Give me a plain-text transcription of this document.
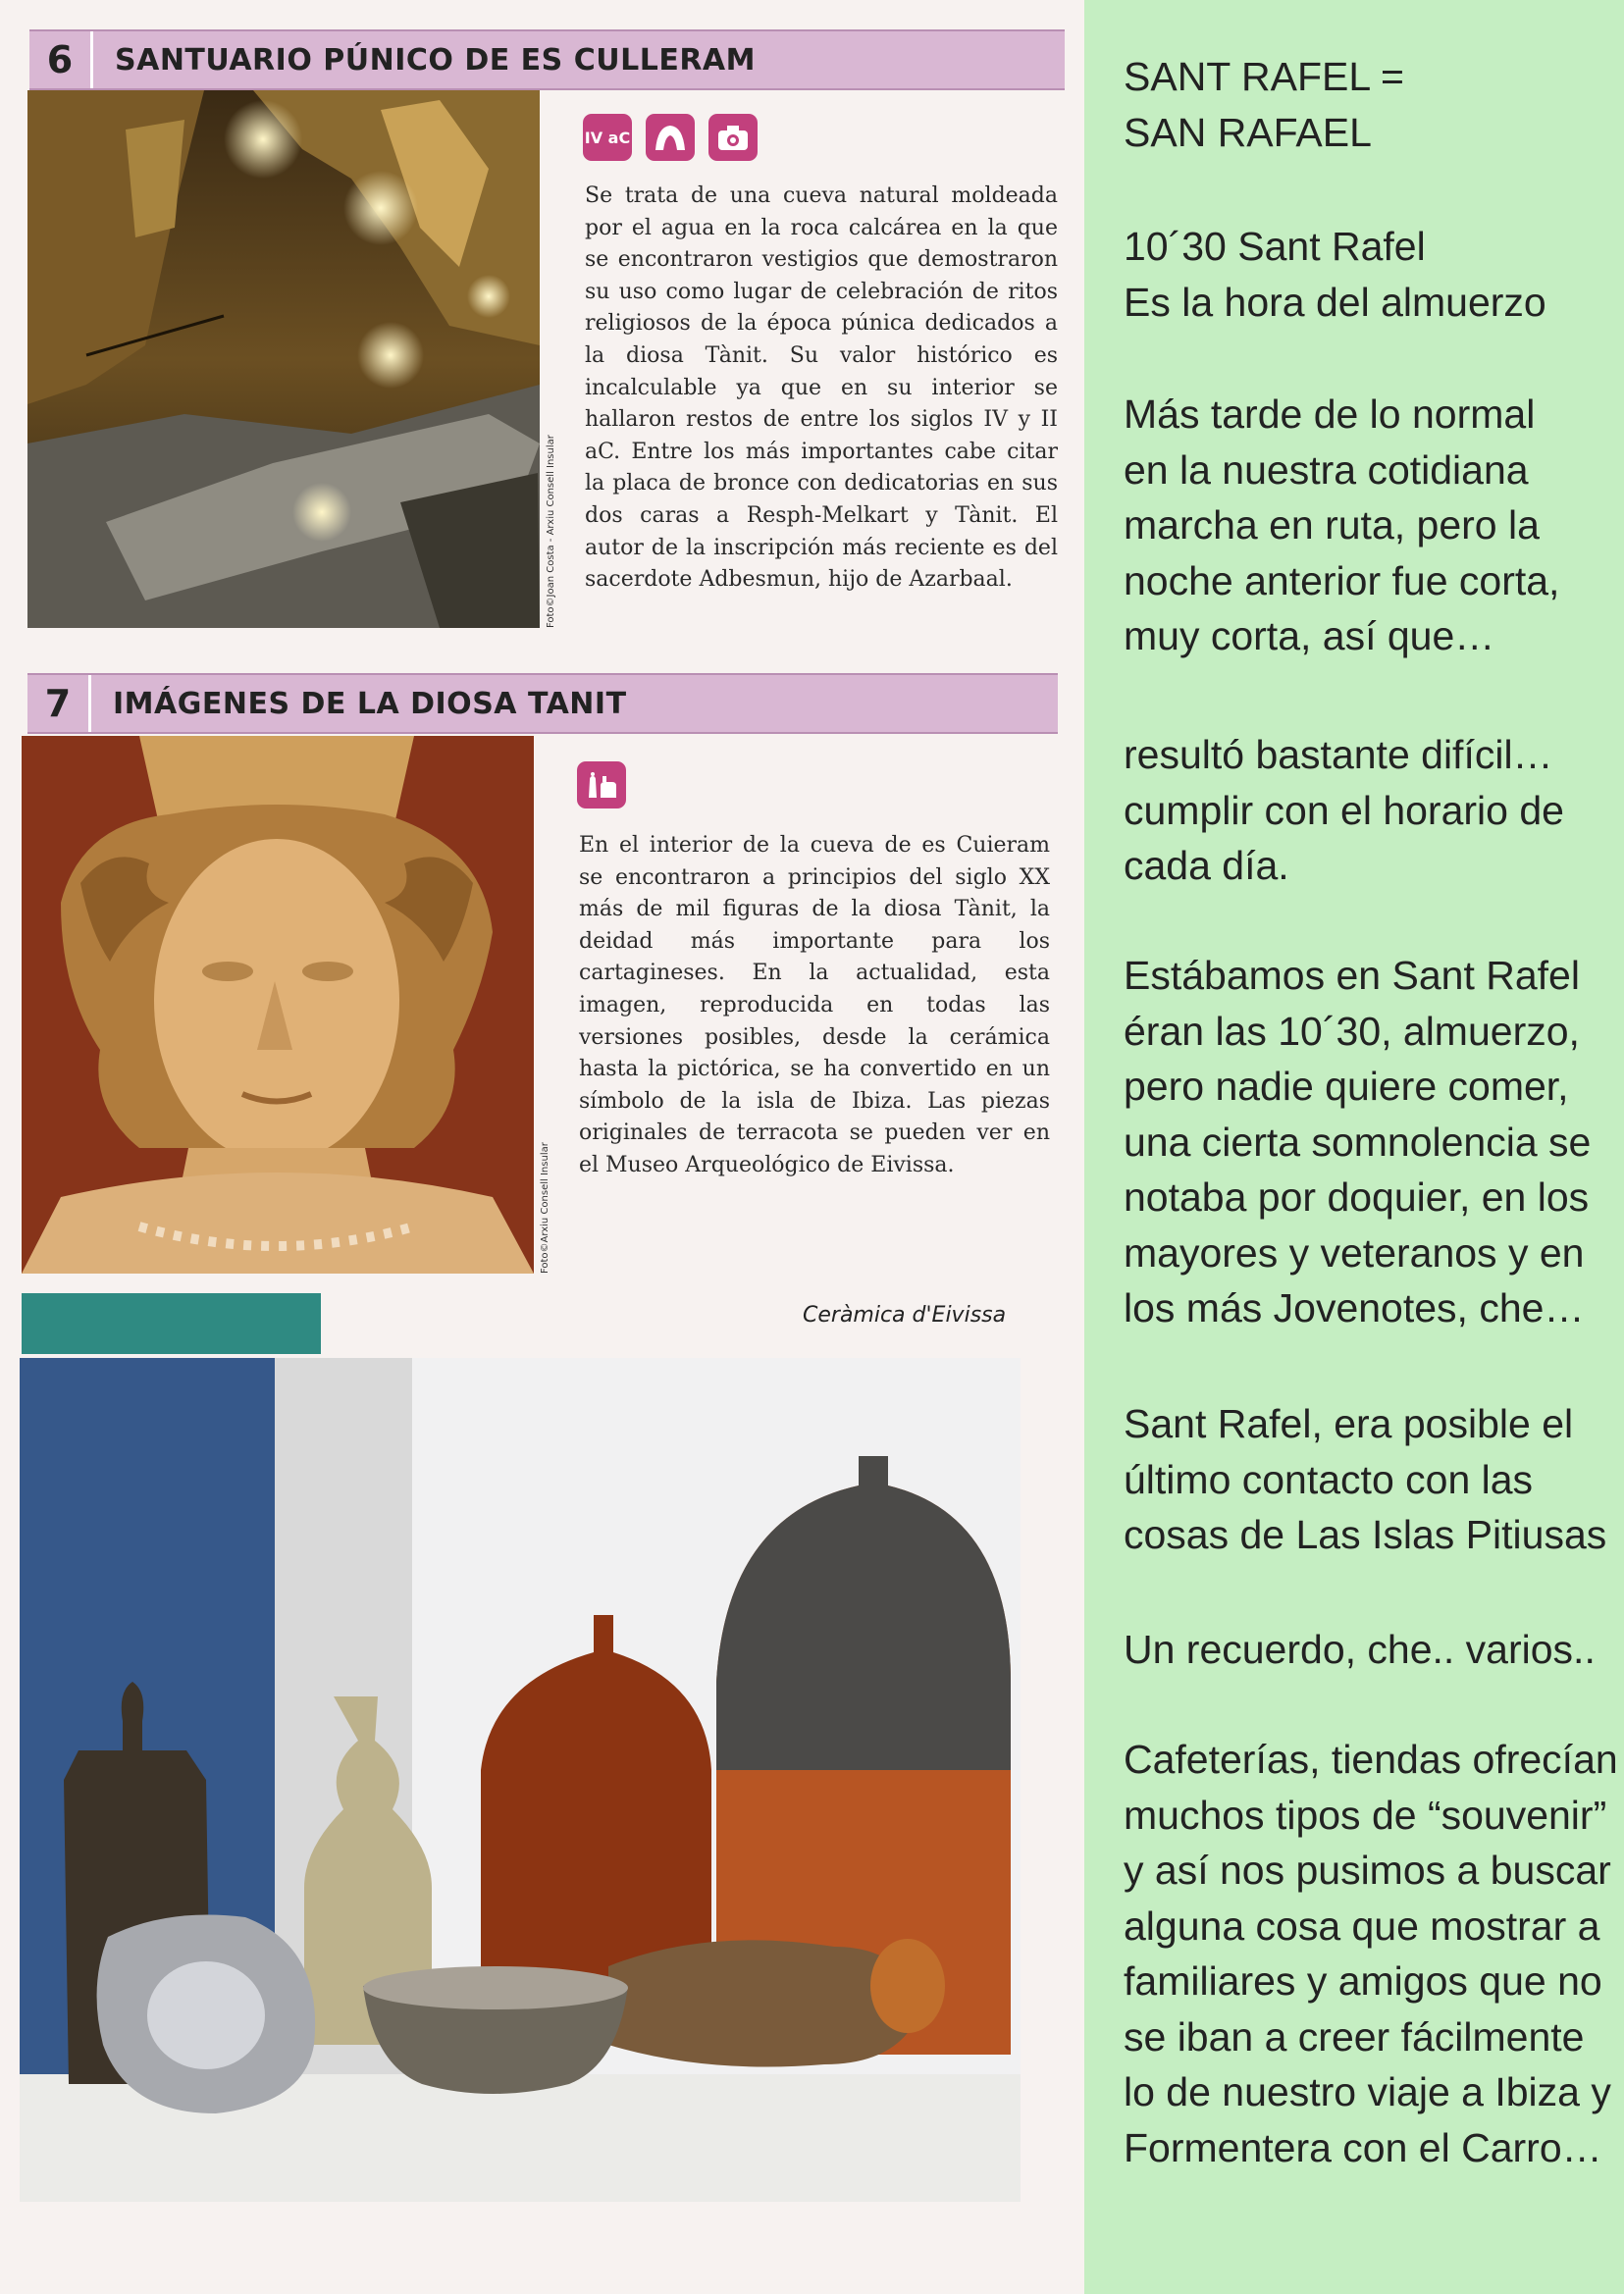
6	SANTUARIO PÚNICO DE ES CULLERAM
Foto©Joan Costa - Arxiu Consell Insular
IV aC

Se trata de una cueva natural moldeada por el agua en la roca calcárea en la que se encontraron vestigios que demostraron su uso como lugar de celebración de ritos religiosos de la época púnica dedicados a la diosa Tànit. Su valor histórico es incalculable ya que en su interior se hallaron restos de entre los siglos IV y II aC. Entre los más importantes cabe citar la placa de bronce con dedicatorias en sus dos caras a Resph-Melkart y Tànit. El autor de la inscripción más reciente es del sacerdote Adbesmun, hijo de Azarbaal.

7	IMÁGENES DE LA DIOSA TANIT
Foto©Arxiu Consell Insular

En el interior de la cueva de es Cuieram se encontraron a principios del siglo XX más de mil figuras de la diosa Tànit, la deidad más importante para los cartagineses. En la actualidad, esta imagen, reproducida en todas las versiones posibles, desde la cerámica hasta la pictórica, se ha convertido en un símbolo de la isla de Ibiza. Las piezas originales de terracota se pueden ver en el Museo Arqueológico de Eivissa.

Ceràmica d'Eivissa

SANT RAFEL =
SAN RAFAEL

10´30 Sant Rafel
Es la hora del almuerzo

Más tarde de lo normal
en la nuestra cotidiana
marcha en ruta, pero la
noche anterior fue corta,
muy corta, así que…

resultó bastante difícil…
cumplir con el horario de
cada día.

Estábamos en Sant Rafel
éran las 10´30, almuerzo,
pero nadie quiere comer,
una cierta somnolencia se
notaba por doquier, en los
mayores y veteranos y en
los más Jovenotes, che…

Sant Rafel, era posible el
último contacto con las
cosas de Las Islas Pitiusas

Un recuerdo, che.. varios..

Cafeterías, tiendas ofrecían
muchos tipos de “souvenir”
y así nos pusimos a buscar
alguna cosa que mostrar a
familiares y amigos que no
se iban a creer fácilmente
lo de nuestro viaje a Ibiza y
Formentera con el Carro…
